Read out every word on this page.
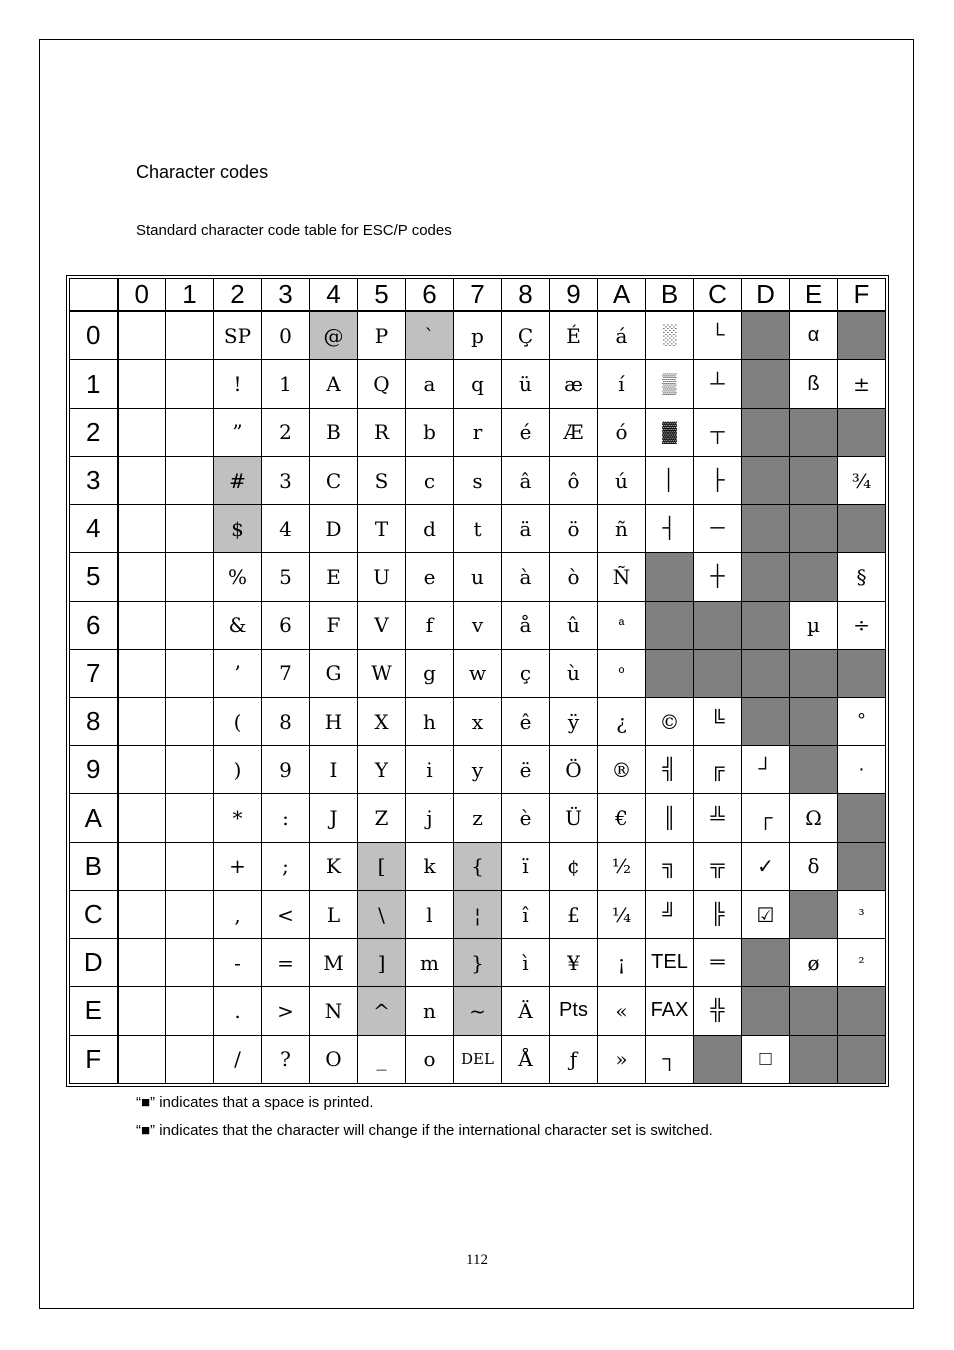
Character codes
Standard character code table for ESC/P codes
	0	1	2	3	4	5	6	7	8	9	A	B	C	D	E	F
0			SP	0	@	P	`	p	Ç	É	á	░	└		α	
1			!	1	A	Q	a	q	ü	æ	í	▒	┴		ß	±
2			”	2	B	R	b	r	é	Æ	ó	▓	┬			
3			#	3	C	S	c	s	â	ô	ú	│	├			¾
4			$	4	D	T	d	t	ä	ö	ñ	┤	─			
5			%	5	E	U	e	u	à	ò	Ñ		┼			§
6			&	6	F	V	f	v	å	û	ª				µ	÷
7			’	7	G	W	g	w	ç	ù	º					
8			(	8	H	X	h	x	ê	ÿ	¿	©	╚			°
9			)	9	I	Y	i	y	ë	Ö	®	╣	╔	┘		·
A			*	:	J	Z	j	z	è	Ü	€	║	╩	┌	Ω	
B			+	;	K	[	k	{	ï	¢	½	╗	╦	✓	δ	
C			,	<	L	\	l	¦	î	£	¼	╝	╠	☑		³
D			-	=	M	]	m	}	ì	¥	¡	TEL	═		ø	²
E			.	>	N	^	n	~	Ä	Pts	«	FAX	╬			
F			/	?	O	_	o	DEL	Å	ƒ	»	┐		□		
“■” indicates that a space is printed.
“■” indicates that the character will change if the international character set is switched.
112
